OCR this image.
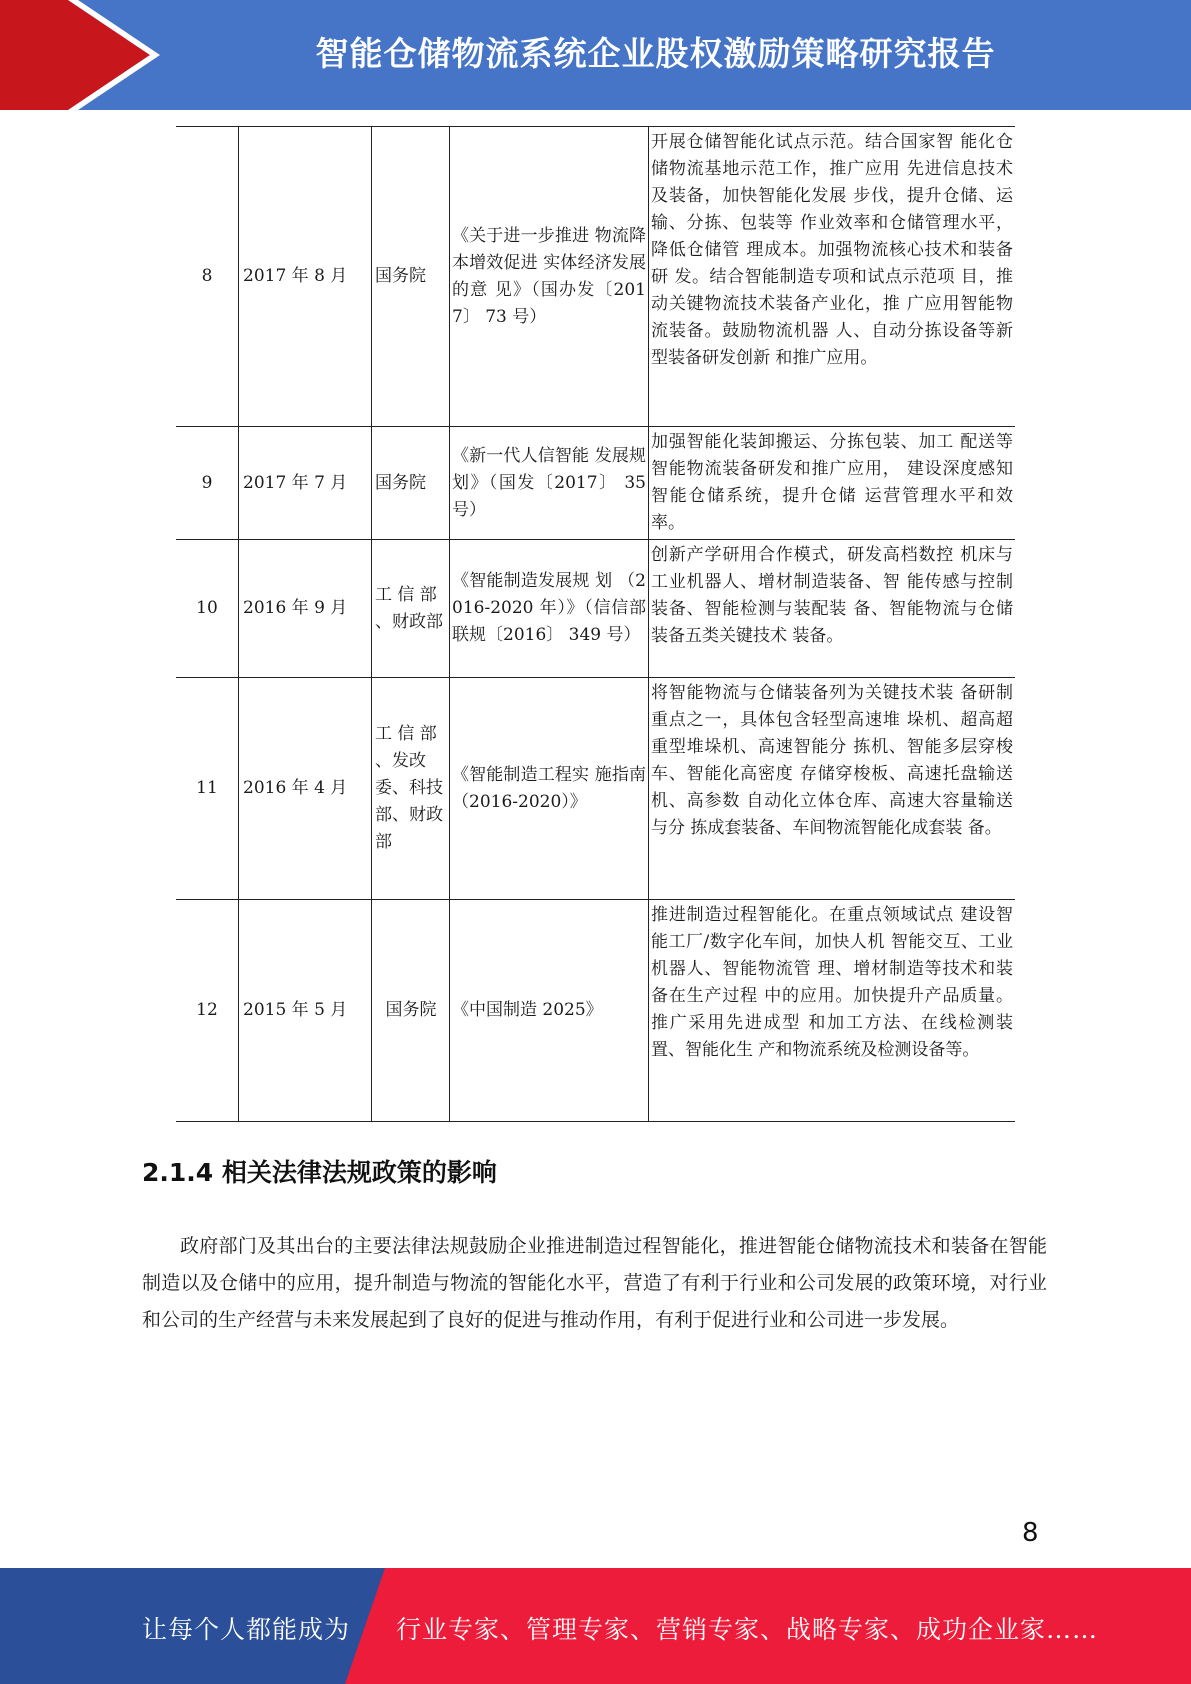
智能仓储物流系统企业股权激励策略研究报告
8	2017 年 8 月	国务院	《关于进一步推进 物流降本增效促进 实体经济发展的意 见》（国办发〔2017〕 73 号）	开展仓储智能化试点示范。结合国家智 能化仓储物流基地示范工作，推广应用 先进信息技术及装备，加快智能化发展 步伐，提升仓储、运输、分拣、包装等 作业效率和仓储管理水平，降低仓储管 理成本。加强物流核心技术和装备研 发。结合智能制造专项和试点示范项 目，推动关键物流技术装备产业化，推 广应用智能物流装备。鼓励物流机器 人、自动分拣设备等新型装备研发创新 和推广应用。
9	2017 年 7 月	国务院	《新一代人信智能 发展规划》（国发〔2017〕 35 号）	加强智能化装卸搬运、分拣包装、加工 配送等智能物流装备研发和推广应用， 建设深度感知智能仓储系统，提升仓储 运营管理水平和效率。
10	2016 年 9 月	工 信 部 、财政部	《智能制造发展规 划 （2016-2020 年）》（信信部联规〔2016〕 349 号）	创新产学研用合作模式，研发高档数控 机床与工业机器人、增材制造装备、智 能传感与控制装备、智能检测与装配装 备、智能物流与仓储装备五类关键技术 装备。
11	2016 年 4 月	工 信 部 、发改委、科技部、财政部	《智能制造工程实 施指南 （2016-2020）》	将智能物流与仓储装备列为关键技术装 备研制重点之一，具体包含轻型高速堆 垛机、超高超重型堆垛机、高速智能分 拣机、智能多层穿梭车、智能化高密度 存储穿梭板、高速托盘输送机、高参数 自动化立体仓库、高速大容量输送与分 拣成套装备、车间物流智能化成套装 备。
12	2015 年 5 月	国务院	《中国制造 2025》	推进制造过程智能化。在重点领域试点 建设智能工厂/数字化车间，加快人机 智能交互、工业机器人、智能物流管 理、增材制造等技术和装备在生产过程 中的应用。加快提升产品质量。推广采用先进成型 和加工方法、在线检测装置、智能化生 产和物流系统及检测设备等。
2.1.4 相关法律法规政策的影响

政府部门及其出台的主要法律法规鼓励企业推进制造过程智能化，推进智能仓储物流技术和装备在智能制造以及仓储中的应用，提升制造与物流的智能化水平，营造了有利于行业和公司发展的政策环境，对行业和公司的生产经营与未来发展起到了良好的促进与推动作用，有利于促进行业和公司进一步发展。

8
让每个人都能成为 行业专家、管理专家、营销专家、战略专家、成功企业家……
